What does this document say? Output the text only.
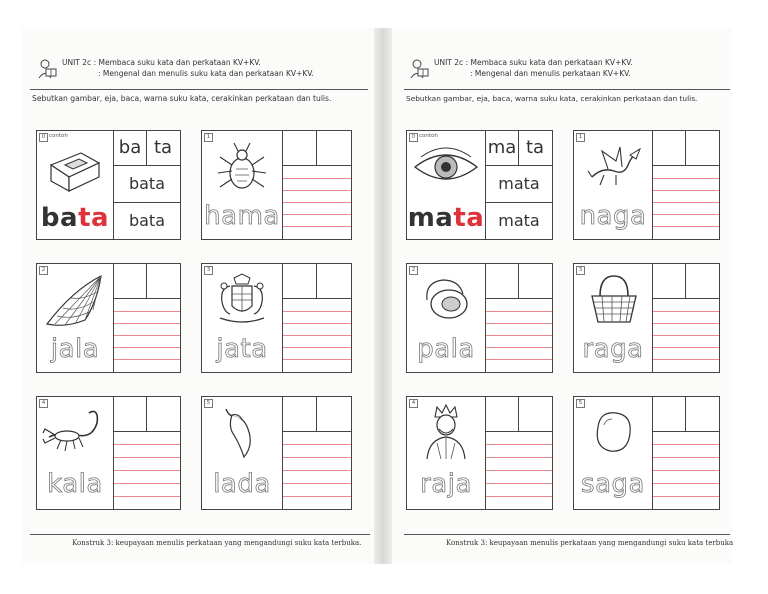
UNIT 2c : Membaca suku kata dan perkataan KV+KV.
: Mengenal dan menulis suku kata dan perkataan KV+KV.
Sebutkan gambar, eja, baca, warna suku kata, cerakinkan perkataan dan tulis.
0 contoh
bata
ba ta
bata
bata
1
hama
2
jala
3
jata
4
kala
5
lada
Konstruk 3: keupayaan menulis perkataan yang mengandungi suku kata terbuka.
UNIT 2c : Membaca suku kata dan perkataan KV+KV.
: Mengenal dan menulis perkataan KV+KV.
Sebutkan gambar, eja, baca, warna suku kata, cerakinkan perkataan dan tulis.
0 contoh
mata
ma ta
mata
mata
1
naga
2
pala
3
raga
4
raja
5
saga
Konstruk 3: keupayaan menulis perkataan yang mengandungi suku kata terbuka
